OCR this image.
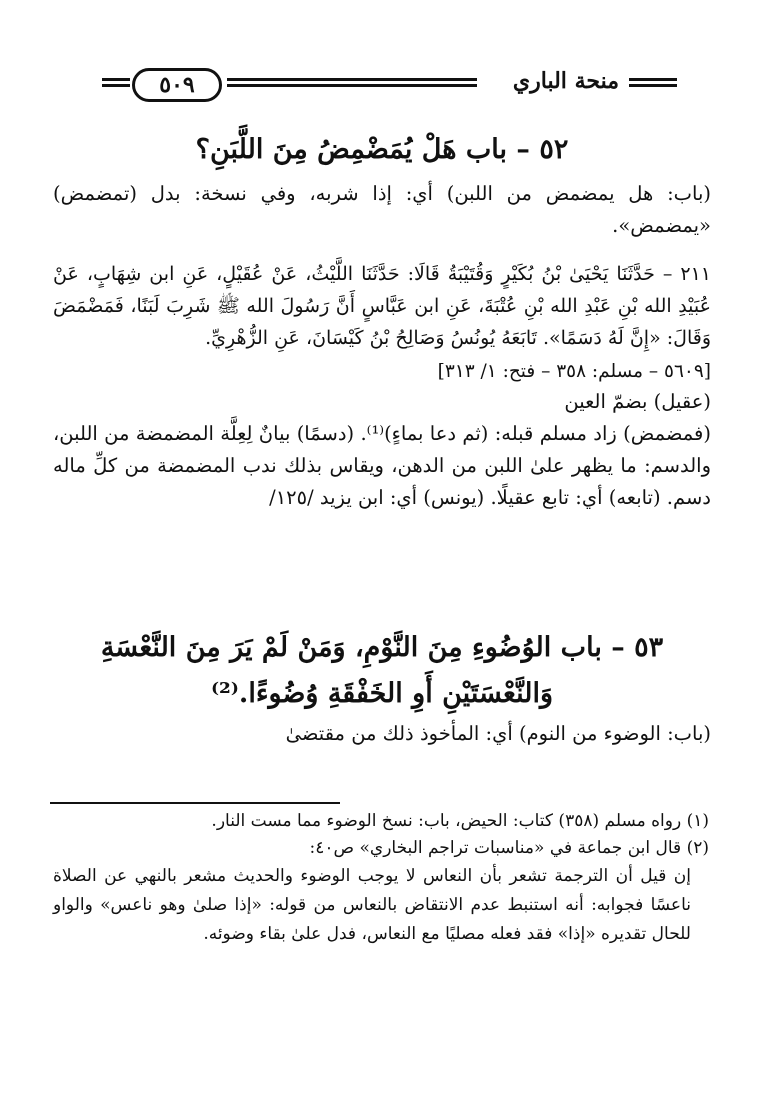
منحة الباري
٥٠٩
٥٢ – باب هَلْ يُمَضْمِضُ مِنَ اللَّبَنِ؟

(باب: هل يمضمض من اللبن) أي: إذا شربه، وفي نسخة: بدل (تمضمض) «يمضمض».

٢١١ – حَدَّثَنَا يَحْيَىٰ بْنُ بُكَيْرٍ وَقُتَيْبَةُ قَالَا: حَدَّثَنَا اللَّيْثُ، عَنْ عُقَيْلٍ، عَنِ ابن شِهَابٍ، عَنْ عُبَيْدِ الله بْنِ عَبْدِ الله بْنِ عُتْبَةَ، عَنِ ابن عَبَّاسٍ أَنَّ رَسُولَ الله ﷺ شَرِبَ لَبَنًا، فَمَضْمَضَ وَقَالَ: «إِنَّ لَهُ دَسَمًا». تَابَعَهُ يُونُسُ وَصَالِحُ بْنُ كَيْسَانَ، عَنِ الزُّهْرِيِّ.

[٥٦٠٩ – مسلم: ٣٥٨ – فتح: ١/ ٣١٣]

(عقيل) بضمّ العين

(فمضمض) زاد مسلم قبله: (ثم دعا بماءٍ)⁽¹⁾. (دسمًا) بيانٌ لِعِلَّة المضمضة من اللبن، والدسم: ما يظهر علىٰ اللبن من الدهن، ويقاس بذلك ندب المضمضة من كلِّ ماله دسم. (تابعه) أي: تابع عقيلًا. (يونس) أي: ابن يزيد /١٢٥/

٥٣ – باب الوُضُوءِ مِنَ النَّوْمِ، وَمَنْ لَمْ يَرَ مِنَ النَّعْسَةِ وَالنَّعْسَتَيْنِ أَوِ الخَفْقَةِ وُضُوءًا.⁽²⁾

(باب: الوضوء من النوم) أي: المأخوذ ذلك من مقتضىٰ

(١) رواه مسلم (٣٥٨) كتاب: الحيض، باب: نسخ الوضوء مما مست النار.

(٢) قال ابن جماعة في «مناسبات تراجم البخاري» ص٤٠:

إن قيل أن الترجمة تشعر بأن النعاس لا يوجب الوضوء والحديث مشعر بالنهي عن الصلاة ناعسًا فجوابه: أنه استنبط عدم الانتقاض بالنعاس من قوله: «إذا صلىٰ وهو ناعس» والواو للحال تقديره «إذا» فقد فعله مصليًا مع النعاس، فدل علىٰ بقاء وضوئه.
